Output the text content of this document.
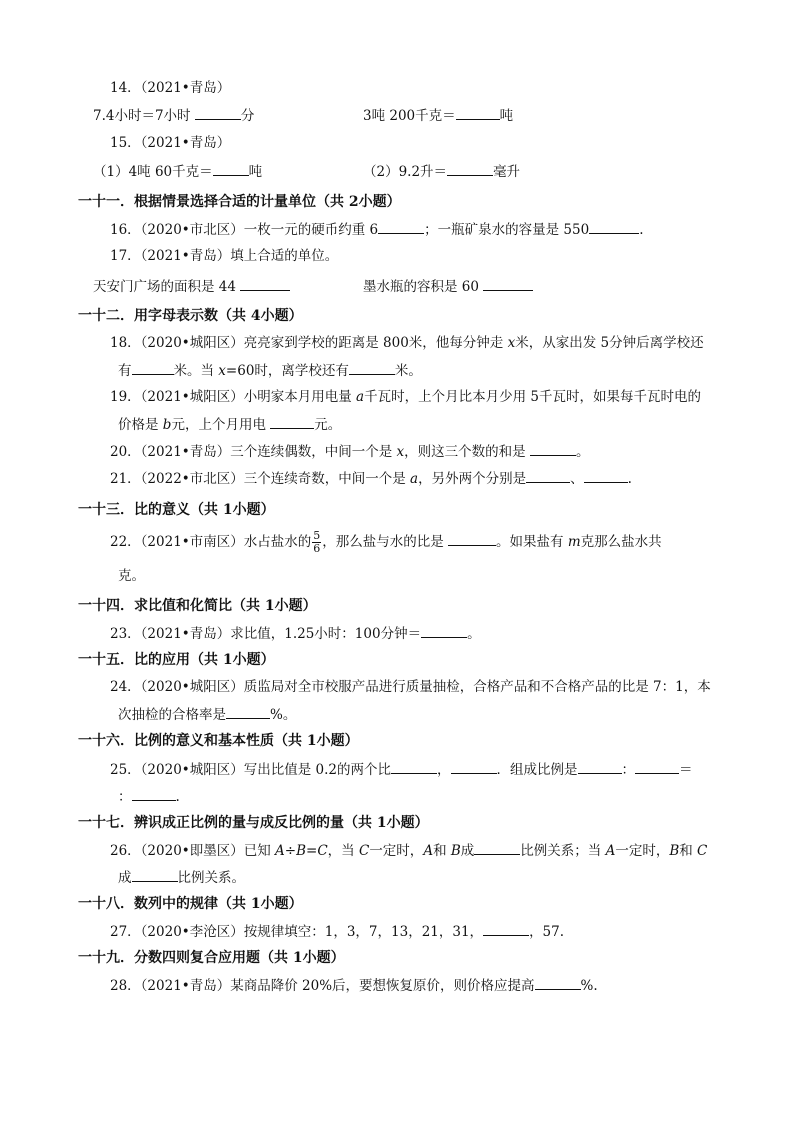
14．（2021•青岛）
7.4小时＝7小时	分	3吨 200千克＝	吨
15．（2021•青岛）
（1）4吨 60千克＝	吨	（2）9.2升＝	毫升
一十一．根据情景选择合适的计量单位（共 2小题）
16．（2020•市北区）一枚一元的硬币约重 6	；一瓶矿泉水的容量是 550	.
17．（2021•青岛）填上合适的单位。
天安门广场的面积是 44	墨水瓶的容积是 60
一十二．用字母表示数（共 4小题）
18．（2020•城阳区）亮亮家到学校的距离是 800米，他每分钟走 x米，从家出发 5分钟后离学校还
有	米。当 x=60时，离学校还有	米。
19．（2021•城阳区）小明家本月用电量 a千瓦时，上个月比本月少用 5千瓦时，如果每千瓦时电的
价格是 b元，上个月用电	元。
20．（2021•青岛）三个连续偶数，中间一个是 x，则这三个数的和是	。
21．（2022•市北区）三个连续奇数，中间一个是 a，另外两个分别是	、	.
一十三．比的意义（共 1小题）
22．（2021•市南区）水占盐水的 $\frac{5}{6}$ ，那么盐与水的比是	。如果盐有 m克那么盐水共
克。
一十四．求比值和化简比（共 1小题）
23．（2021•青岛）求比值，1.25小时：100分钟＝	。
一十五．比的应用（共 1小题）
24．（2020•城阳区）质监局对全市校服产品进行质量抽检，合格产品和不合格产品的比是 7：1，本
次抽检的合格率是	%。
一十六．比例的意义和基本性质（共 1小题）
25．（2020•城阳区）写出比值是 0.2的两个比	，	．组成比例是	：	＝
：	.
一十七．辨识成正比例的量与成反比例的量（共 1小题）
26．（2020•即墨区）已知 A÷B=C，当 C一定时，A和 B成	比例关系；当 A一定时，B和 C
成	比例关系。
一十八．数列中的规律（共 1小题）
27．（2020•李沧区）按规律填空：1，3，7，13，21，31，	，57.
一十九．分数四则复合应用题（共 1小题）
28．（2021•青岛）某商品降价 20%后，要想恢复原价，则价格应提高	%.
